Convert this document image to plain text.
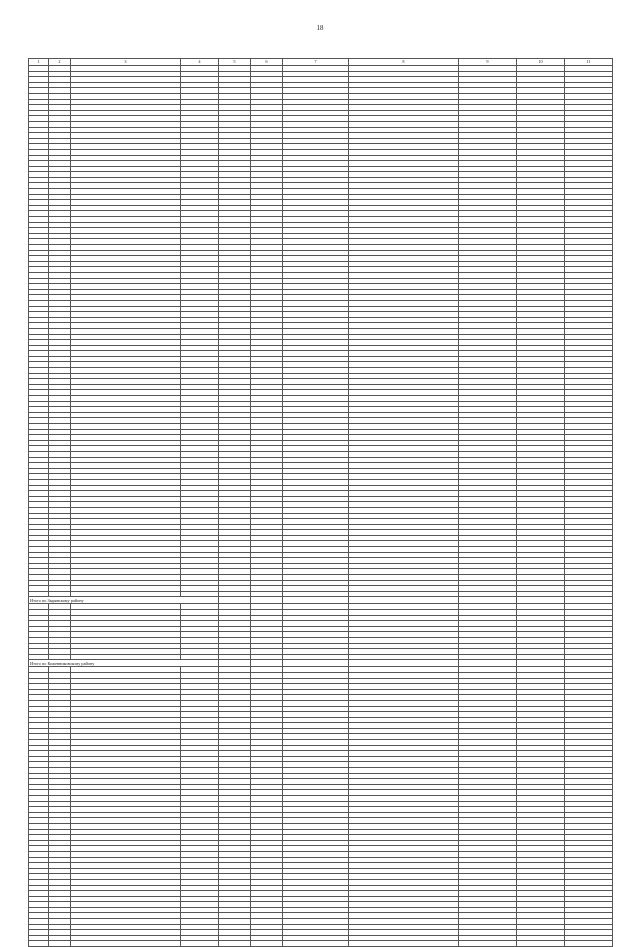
18
1	2	3	4	5	6	7	8	9	10	11

Итого по Зырянскому району										

Итого по Кожевниковскому району										
